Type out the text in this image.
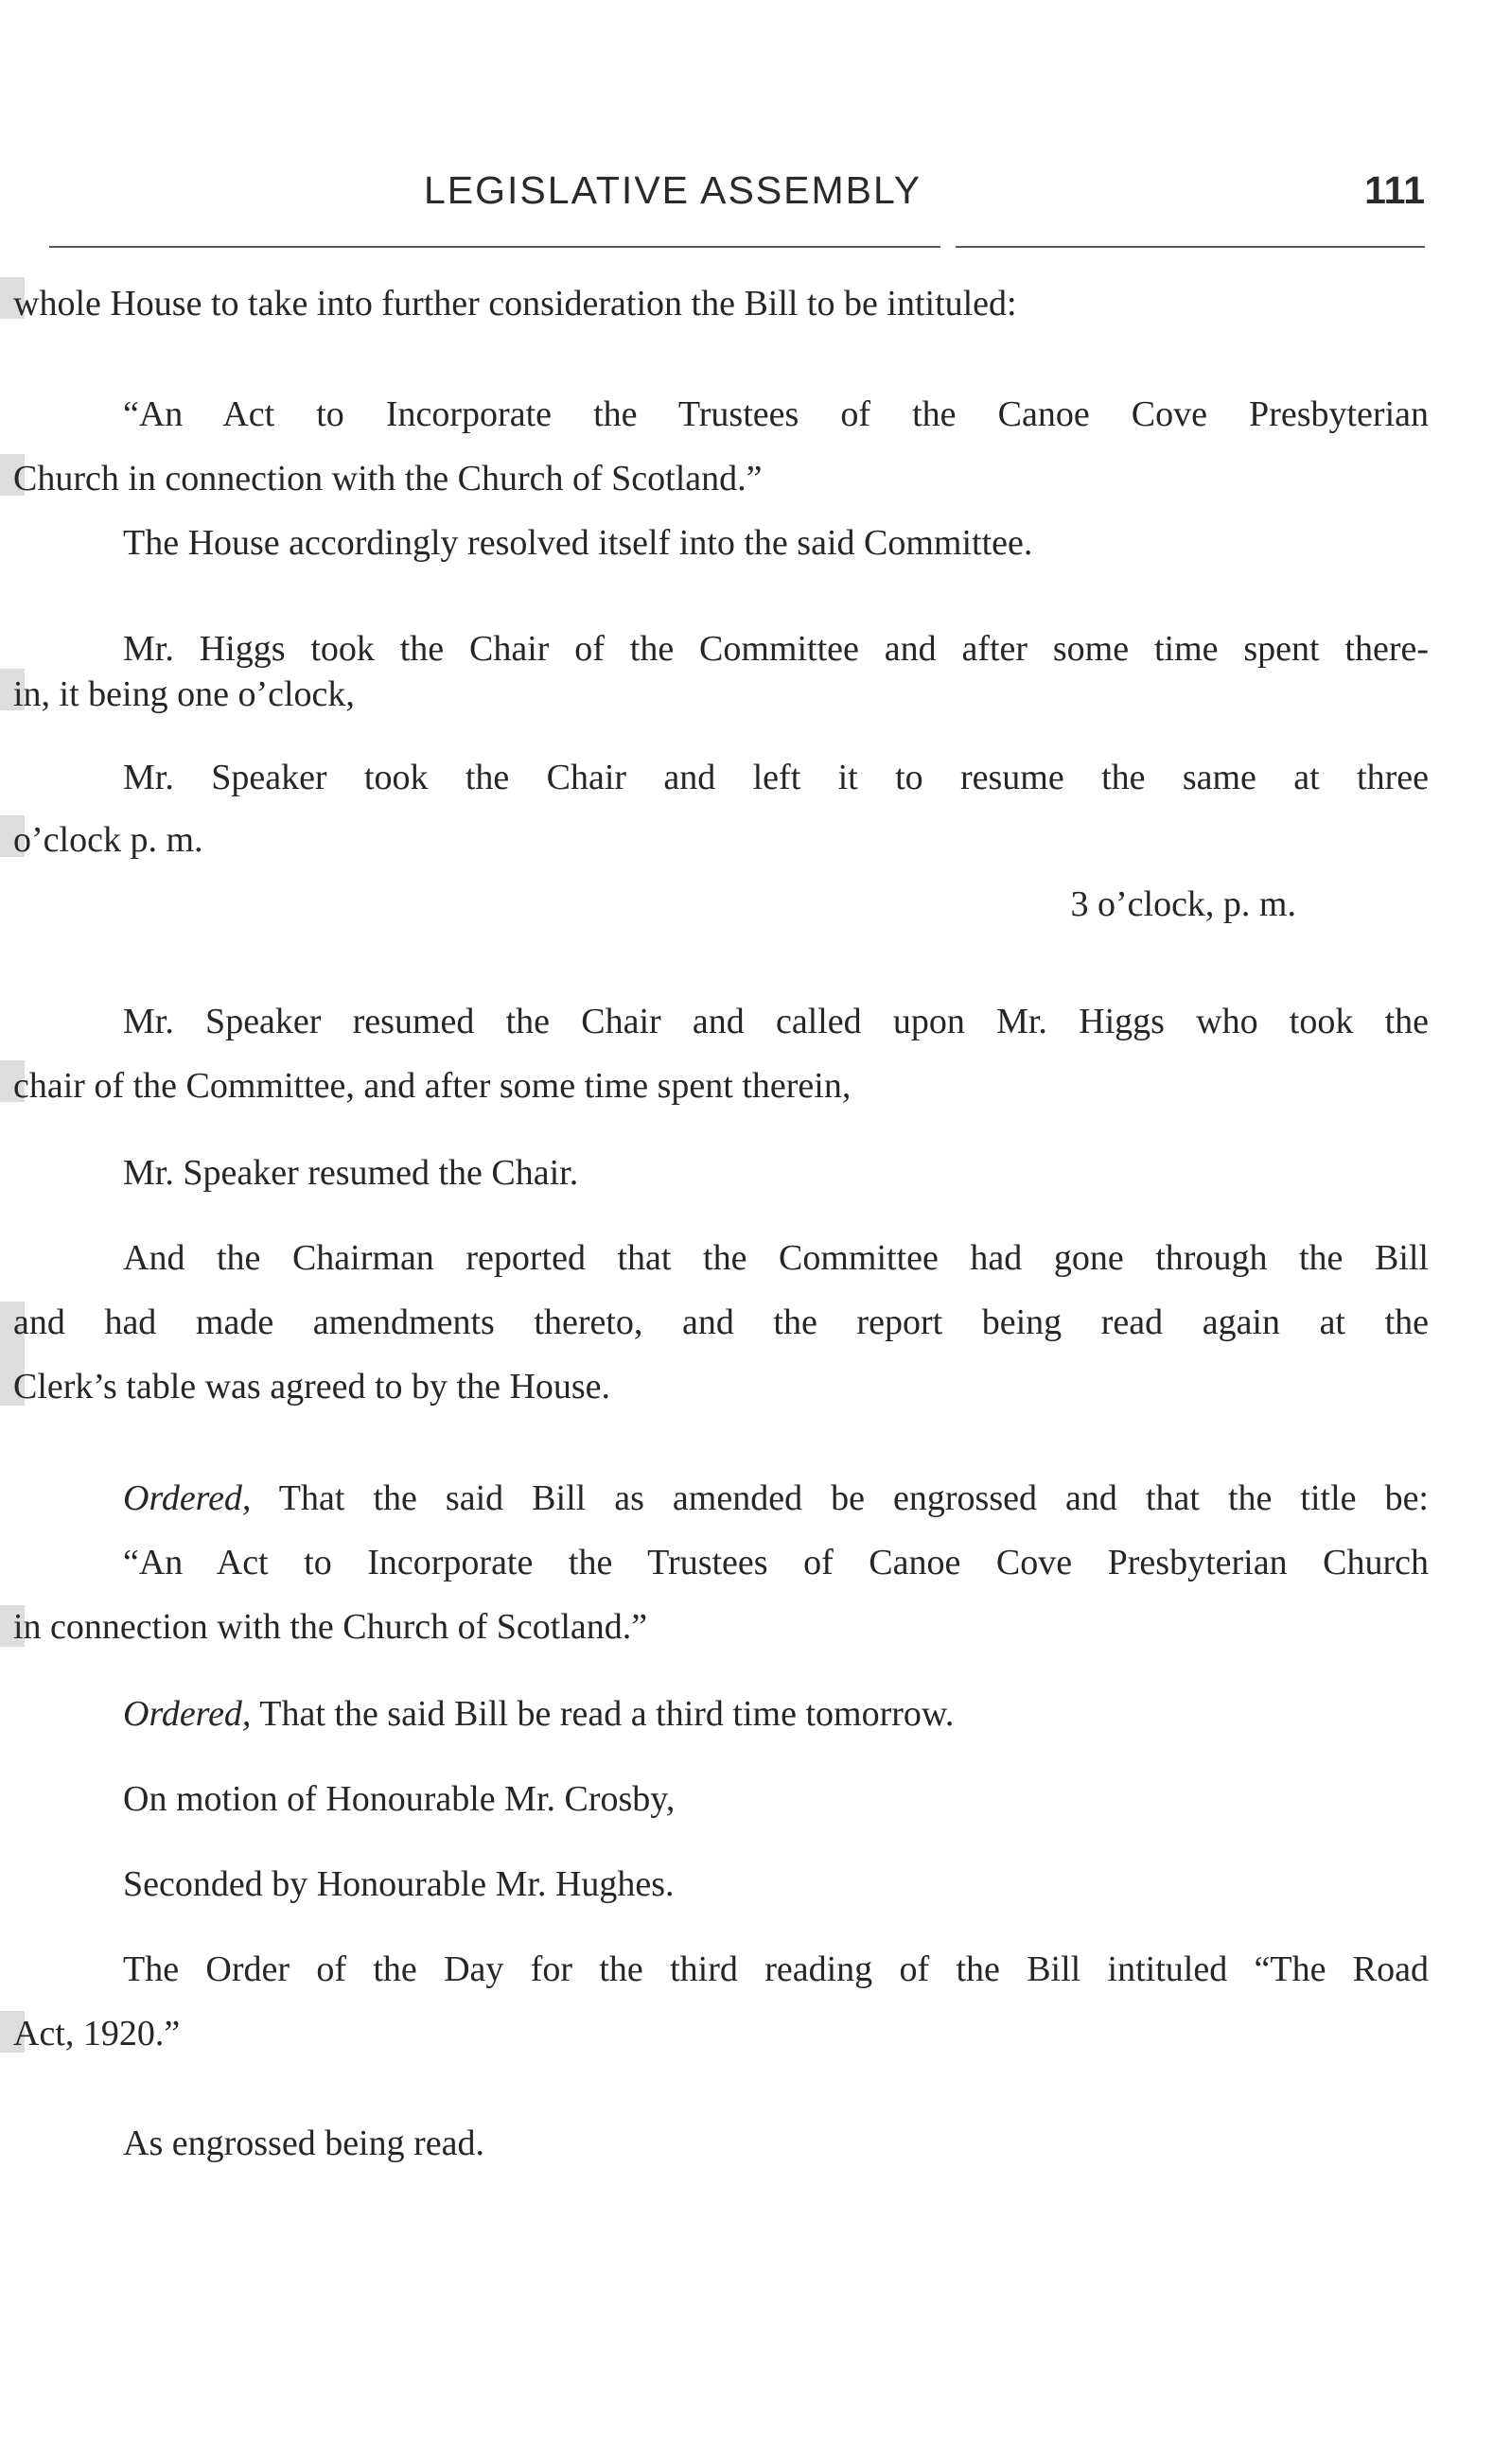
LEGISLATIVE ASSEMBLY	111
whole House to take into further consideration the Bill to be intituled:
“An Act to Incorporate the Trustees of the Canoe Cove Presbyterian
Church in connection with the Church of Scotland.”
The House accordingly resolved itself into the said Committee.
Mr. Higgs took the Chair of the Committee and after some time spent there-
in, it being one o’clock,
Mr. Speaker took the Chair and left it to resume the same at three
o’clock p. m.
3 o’clock, p. m.
Mr. Speaker resumed the Chair and called upon Mr. Higgs who took the
chair of the Committee, and after some time spent therein,
Mr. Speaker resumed the Chair.
And the Chairman reported that the Committee had gone through the Bill
and had made amendments thereto, and the report being read again at the
Clerk’s table was agreed to by the House.
Ordered, That the said Bill as amended be engrossed and that the title be:
“An Act to Incorporate the Trustees of Canoe Cove Presbyterian Church
in connection with the Church of Scotland.”
Ordered, That the said Bill be read a third time tomorrow.
On motion of Honourable Mr. Crosby,
Seconded by Honourable Mr. Hughes.
The Order of the Day for the third reading of the Bill intituled “The Road
Act, 1920.”
As engrossed being read.
